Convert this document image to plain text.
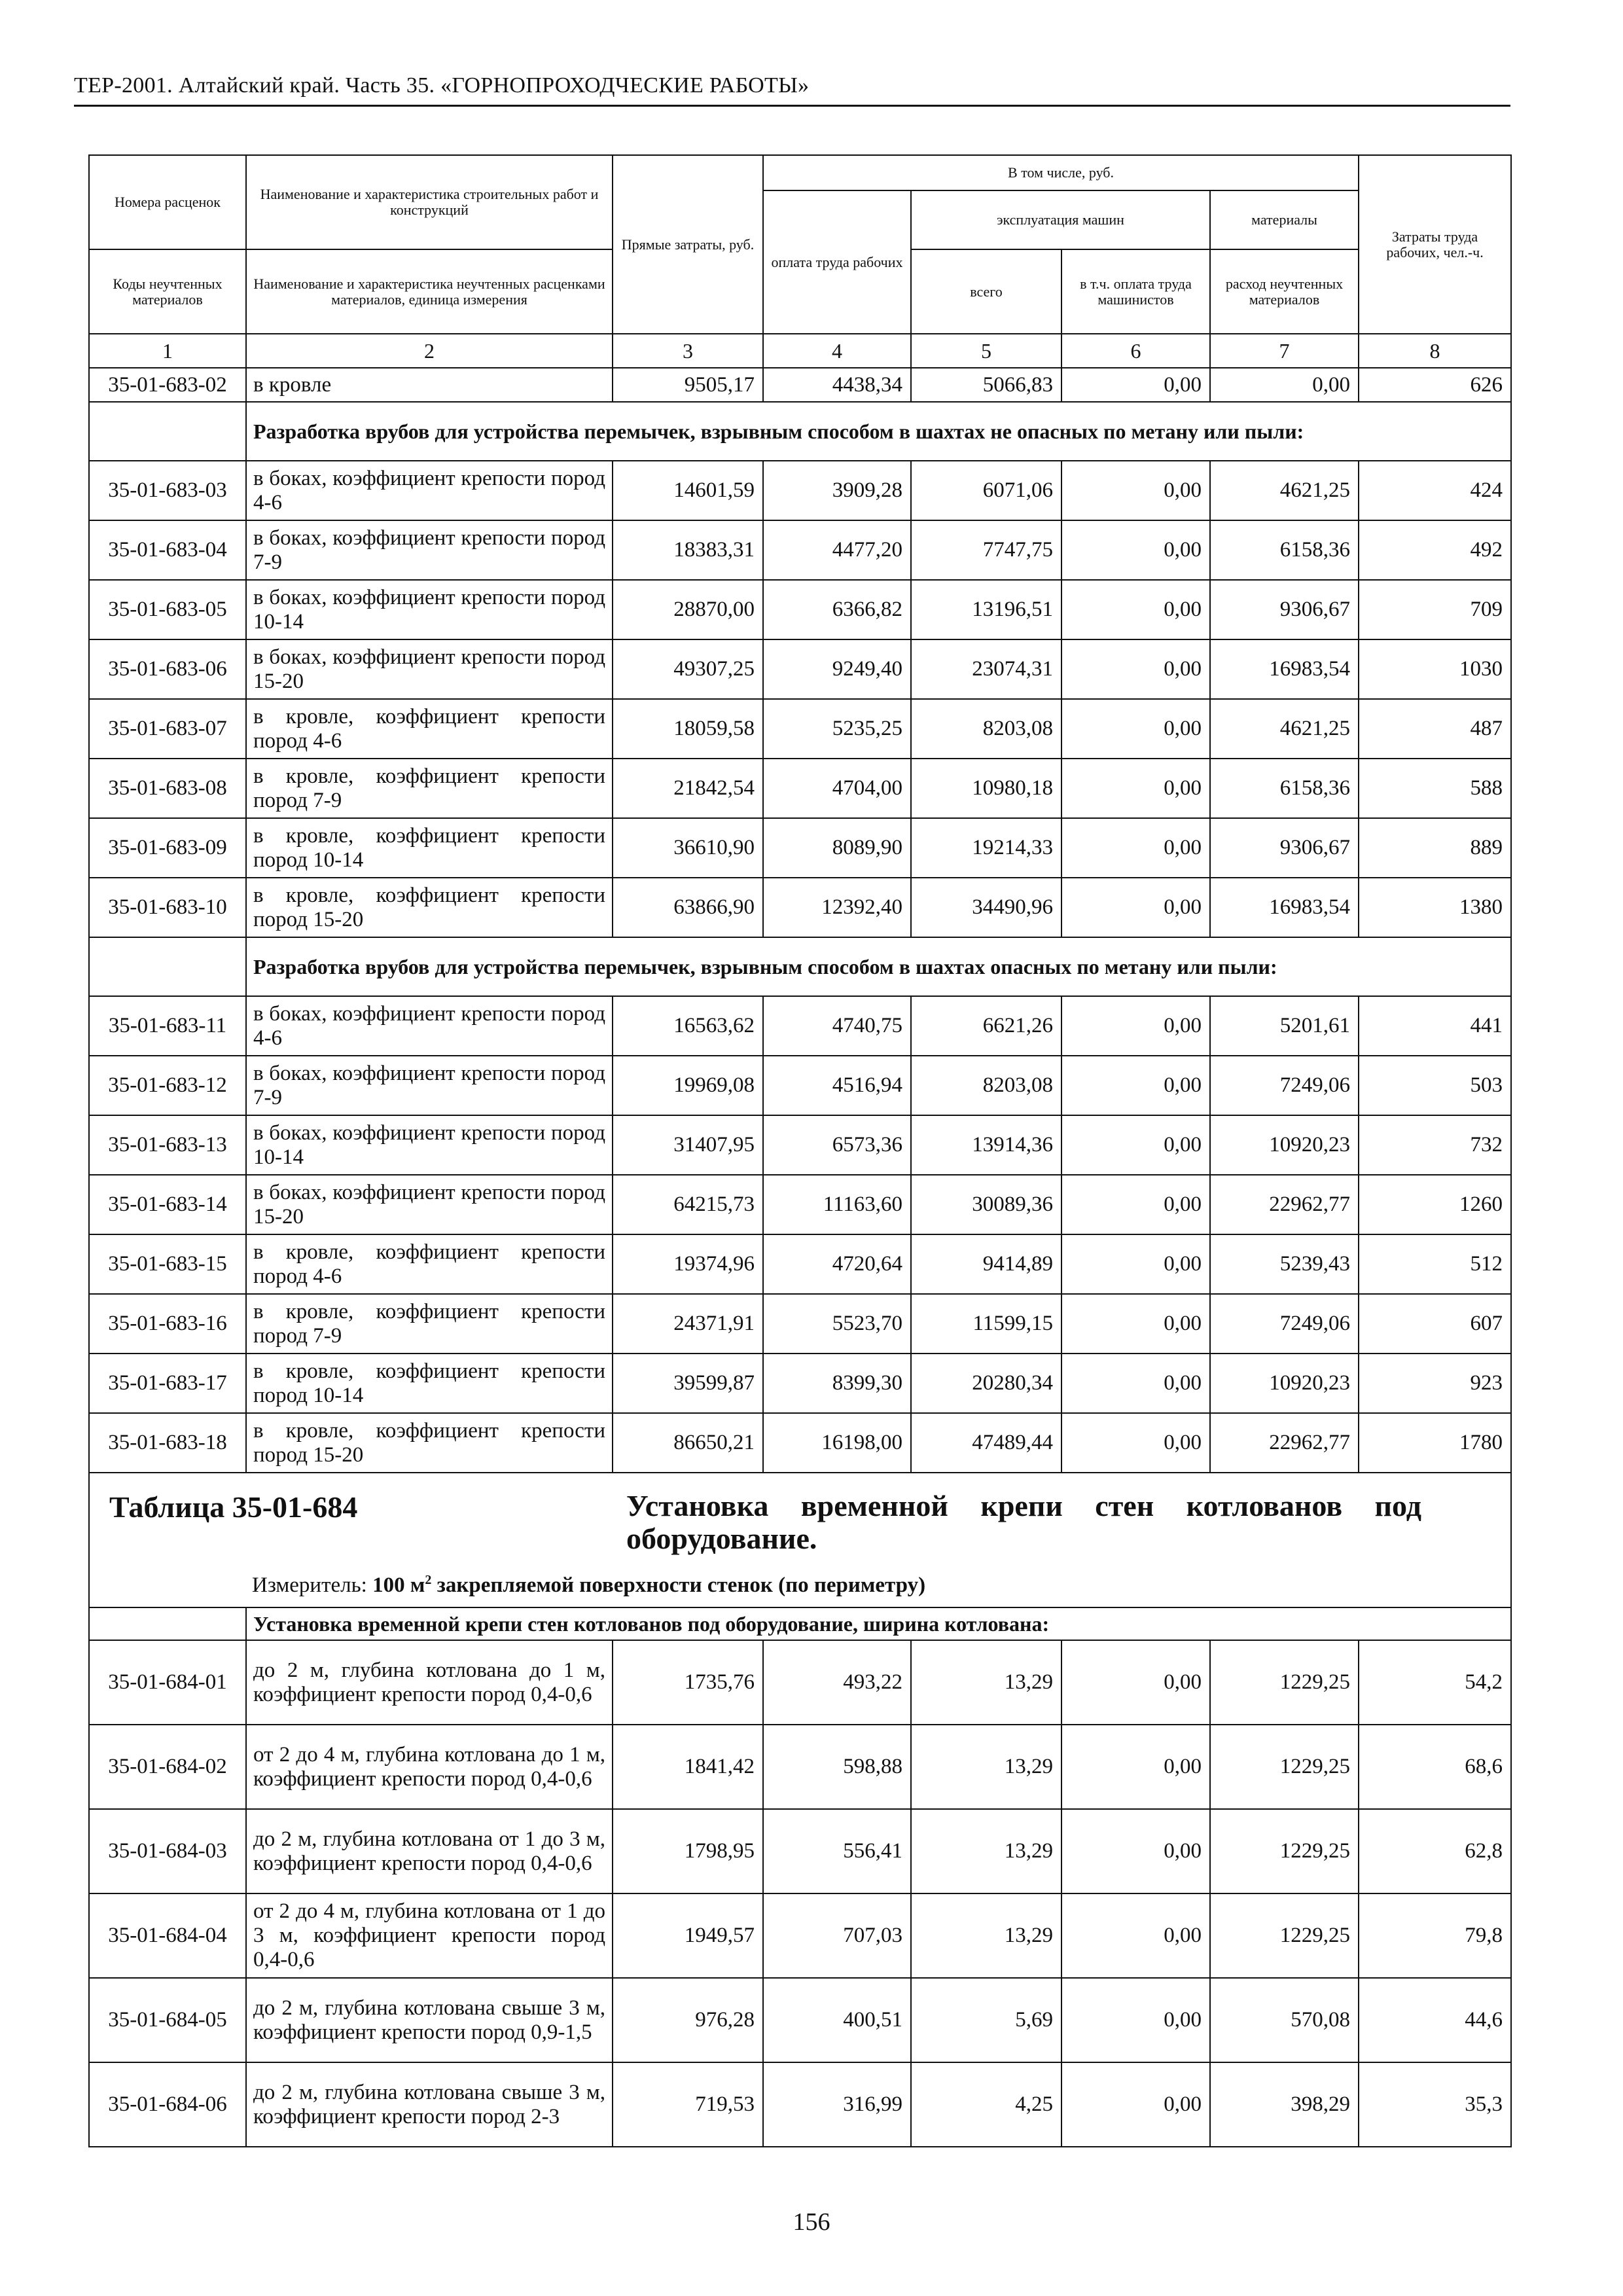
ТЕР-2001. Алтайский край. Часть 35. «ГОРНОПРОХОДЧЕСКИЕ РАБОТЫ»
Номера расценок	Наименование и характеристика строительных работ и конструкций	Прямые затраты, руб.	В том числе, руб.				Затраты труда рабочих, чел.-ч.
			оплата труда рабочих	эксплуатация машин		материалы	
Коды неучтенных материалов	Наименование и характеристика неучтенных расценками материалов, единица измерения			всего	в т.ч. оплата труда машинистов	расход неучтенных материалов	
1	2	3	4	5	6	7	8
35-01-683-02	в кровле	9505,17	4438,34	5066,83	0,00	0,00	626
	Разработка врубов для устройства перемычек, взрывным способом в шахтах не опасных по метану или пыли:						
35-01-683-03	в боках, коэффициент крепости пород 4-6	14601,59	3909,28	6071,06	0,00	4621,25	424
35-01-683-04	в боках, коэффициент крепости пород 7-9	18383,31	4477,20	7747,75	0,00	6158,36	492
35-01-683-05	в боках, коэффициент крепости пород 10-14	28870,00	6366,82	13196,51	0,00	9306,67	709
35-01-683-06	в боках, коэффициент крепости пород 15-20	49307,25	9249,40	23074,31	0,00	16983,54	1030
35-01-683-07	в кровле, коэффициент крепости пород 4-6	18059,58	5235,25	8203,08	0,00	4621,25	487
35-01-683-08	в кровле, коэффициент крепости пород 7-9	21842,54	4704,00	10980,18	0,00	6158,36	588
35-01-683-09	в кровле, коэффициент крепости пород 10-14	36610,90	8089,90	19214,33	0,00	9306,67	889
35-01-683-10	в кровле, коэффициент крепости пород 15-20	63866,90	12392,40	34490,96	0,00	16983,54	1380
	Разработка врубов для устройства перемычек, взрывным способом в шахтах опасных по метану или пыли:						
35-01-683-11	в боках, коэффициент крепости пород 4-6	16563,62	4740,75	6621,26	0,00	5201,61	441
35-01-683-12	в боках, коэффициент крепости пород 7-9	19969,08	4516,94	8203,08	0,00	7249,06	503
35-01-683-13	в боках, коэффициент крепости пород 10-14	31407,95	6573,36	13914,36	0,00	10920,23	732
35-01-683-14	в боках, коэффициент крепости пород 15-20	64215,73	11163,60	30089,36	0,00	22962,77	1260
35-01-683-15	в кровле, коэффициент крепости пород 4-6	19374,96	4720,64	9414,89	0,00	5239,43	512
35-01-683-16	в кровле, коэффициент крепости пород 7-9	24371,91	5523,70	11599,15	0,00	7249,06	607
35-01-683-17	в кровле, коэффициент крепости пород 10-14	39599,87	8399,30	20280,34	0,00	10920,23	923
35-01-683-18	в кровле, коэффициент крепости пород 15-20	86650,21	16198,00	47489,44	0,00	22962,77	1780

Таблица 35-01-684 Установка временной крепи стен котлованов под оборудование.
Измеритель: 100 $м^2$ закрепляемой поверхности стенок (по периметру)							

	Установка временной крепи стен котлованов под оборудование, ширина котлована:						
35-01-684-01	до 2 м, глубина котлована до 1 м, коэффициент крепости пород 0,4-0,6	1735,76	493,22	13,29	0,00	1229,25	54,2
35-01-684-02	от 2 до 4 м, глубина котлована до 1 м, коэффициент крепости пород 0,4-0,6	1841,42	598,88	13,29	0,00	1229,25	68,6
35-01-684-03	до 2 м, глубина котлована от 1 до 3 м, коэффициент крепости пород 0,4-0,6	1798,95	556,41	13,29	0,00	1229,25	62,8
35-01-684-04	от 2 до 4 м, глубина котлована от 1 до 3 м, коэффициент крепости пород 0,4-0,6	1949,57	707,03	13,29	0,00	1229,25	79,8
35-01-684-05	до 2 м, глубина котлована свыше 3 м, коэффициент крепости пород 0,9-1,5	976,28	400,51	5,69	0,00	570,08	44,6
35-01-684-06	до 2 м, глубина котлована свыше 3 м, коэффициент крепости пород 2-3	719,53	316,99	4,25	0,00	398,29	35,3
156
